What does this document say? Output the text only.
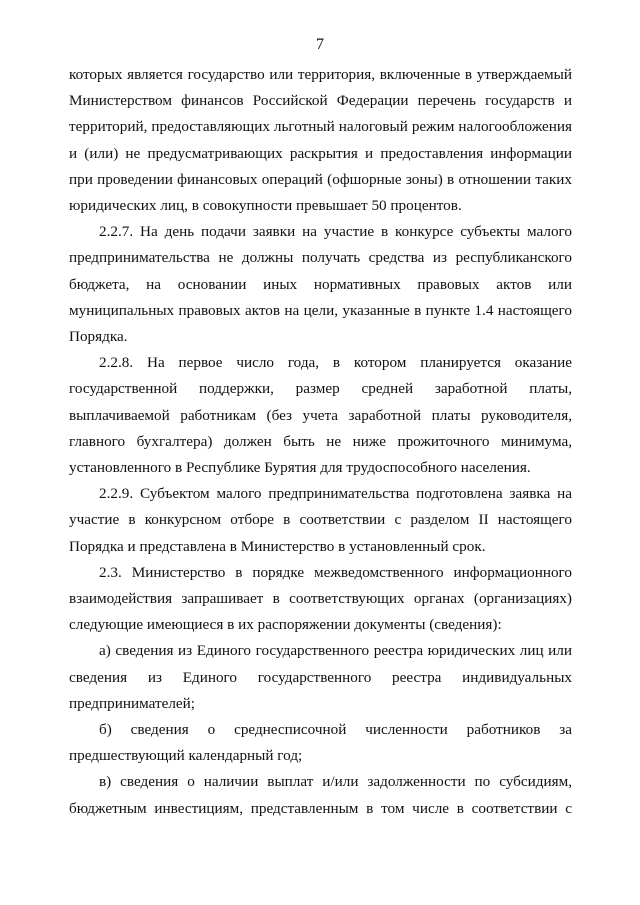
7

которых является государство или территория, включенные в утверждаемый
Министерством финансов Российской Федерации перечень государств и
территорий, предоставляющих льготный налоговый режим налогообложения
и (или) не предусматривающих раскрытия и предоставления информации
при проведении финансовых операций (офшорные зоны) в отношении таких
юридических лиц, в совокупности превышает 50 процентов.

2.2.7. На день подачи заявки на участие в конкурсе субъекты малого
предпринимательства не должны получать средства из республиканского
бюджета, на основании иных нормативных правовых актов или
муниципальных правовых актов на цели, указанные в пункте 1.4 настоящего
Порядка.

2.2.8. На первое число года, в котором планируется оказание
государственной поддержки, размер средней заработной платы,
выплачиваемой работникам (без учета заработной платы руководителя,
главного бухгалтера) должен быть не ниже прожиточного минимума,
установленного в Республике Бурятия для трудоспособного населения.

2.2.9. Субъектом малого предпринимательства подготовлена заявка на
участие в конкурсном отборе в соответствии с разделом II настоящего
Порядка и представлена в Министерство в установленный срок.

2.3. Министерство в порядке межведомственного информационного
взаимодействия запрашивает в соответствующих органах (организациях)
следующие имеющиеся в их распоряжении документы (сведения):

а) сведения из Единого государственного реестра юридических лиц или
сведения из Единого государственного реестра индивидуальных
предпринимателей;

б) сведения о среднесписочной численности работников за
предшествующий календарный год;

в) сведения о наличии выплат и/или задолженности по субсидиям,
бюджетным инвестициям, представленным в том числе в соответствии с
